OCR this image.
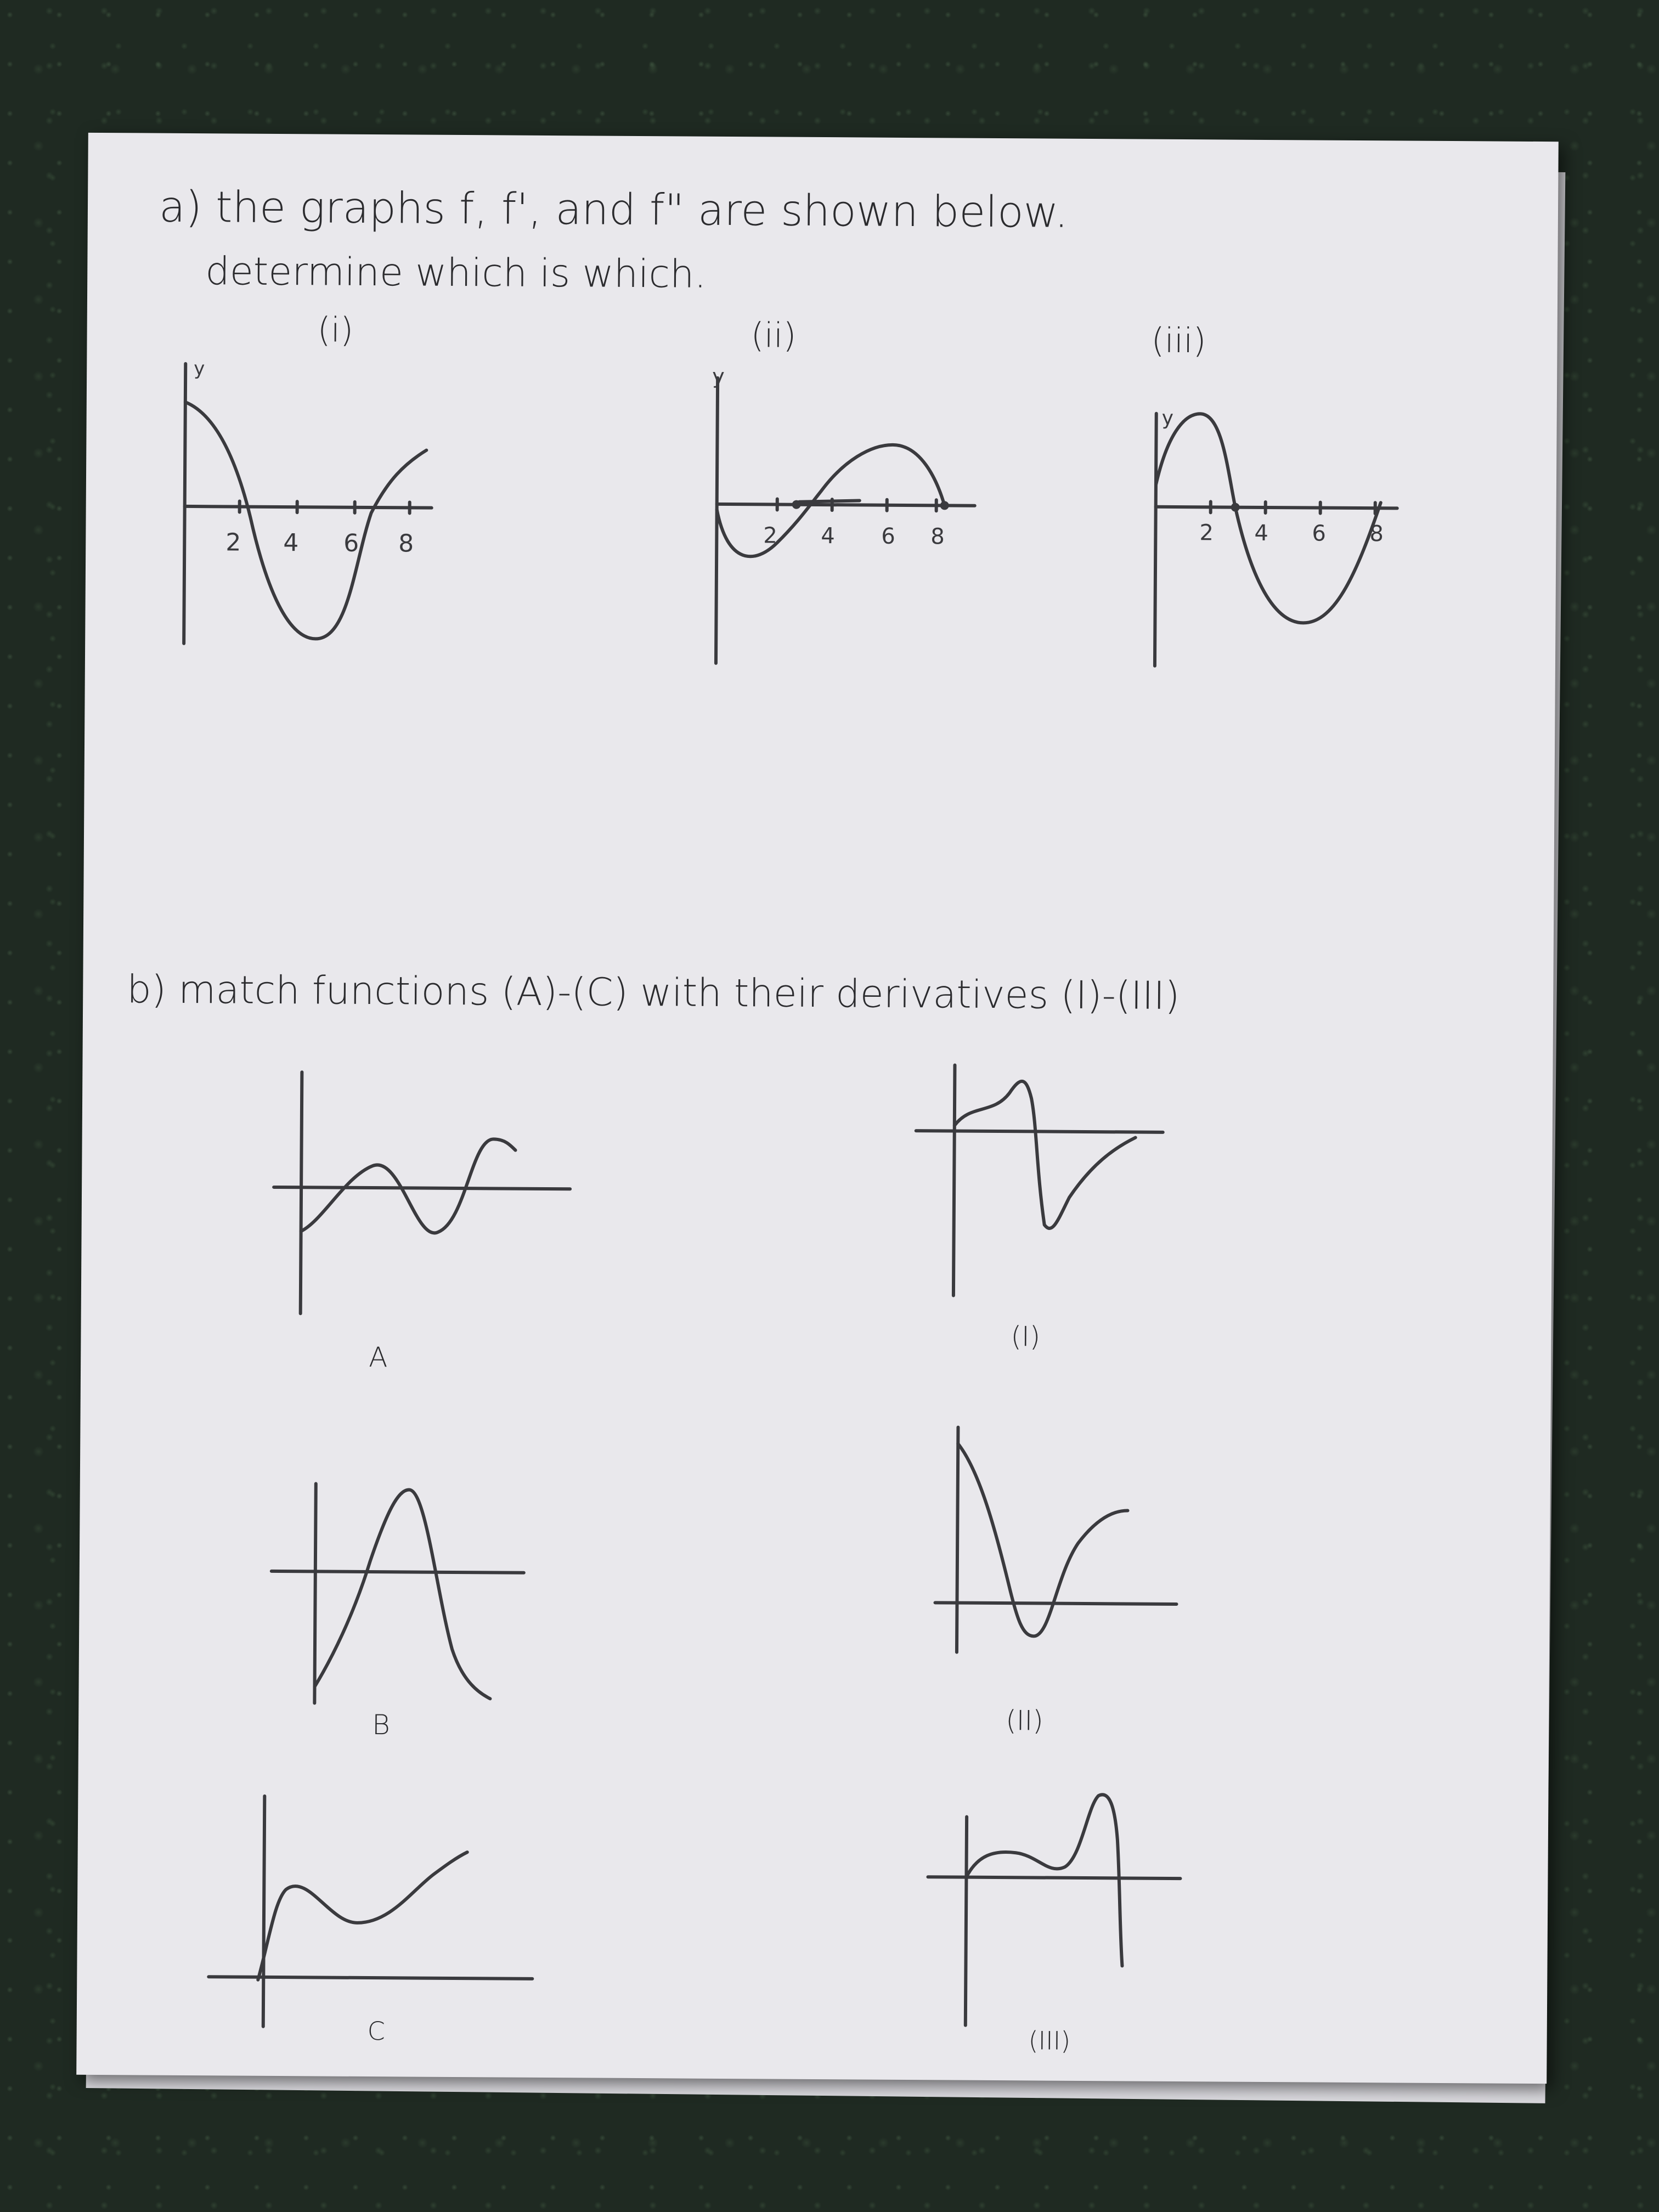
a) the graphs f, f', and f" are shown below.
determine which is which.
(i)
y
2 4 6 8
(ii)
y
2 4 6 8
(iii)
y
2 4 6 8
b) match functions (A)-(C) with their derivatives (I)-(III)
A
(I)
B	(II)
C	(III)
